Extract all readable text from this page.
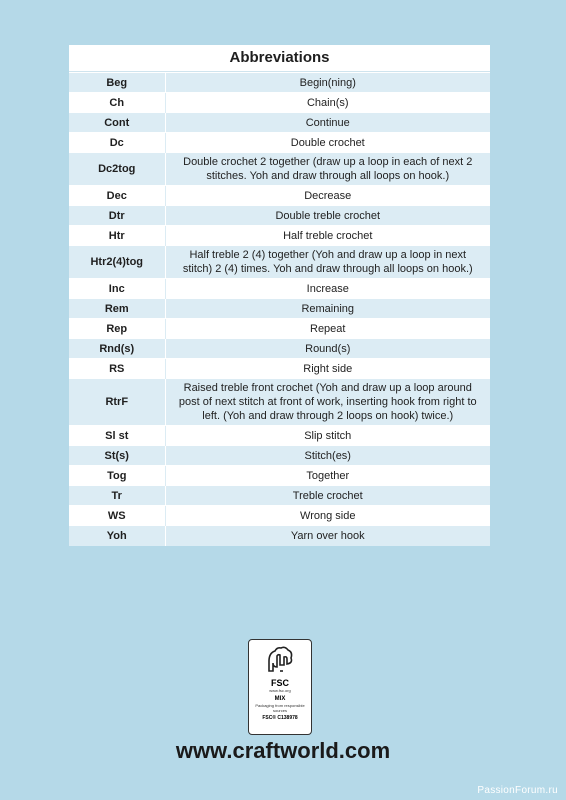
Abbreviations
Beg	Begin(ning)
Ch	Chain(s)
Cont	Continue
Dc	Double crochet
Dc2tog	Double crochet 2 together (draw up a loop in each of next 2 stitches. Yoh and draw through all loops on hook.)
Dec	Decrease
Dtr	Double treble crochet
Htr	Half treble crochet
Htr2(4)tog	Half treble 2 (4) together (Yoh and draw up a loop in next stitch) 2 (4) times. Yoh and draw through all loops on hook.)
Inc	Increase
Rem	Remaining
Rep	Repeat
Rnd(s)	Round(s)
RS	Right side
RtrF	Raised treble front crochet (Yoh and draw up a loop around post of next stitch at front of work, inserting hook from right to left. (Yoh and draw through 2 loops on hook) twice.)
Sl st	Slip stitch
St(s)	Stitch(es)
Tog	Together
Tr	Treble crochet
WS	Wrong side
Yoh	Yarn over hook
FSC
www.fsc.org
MIX
Packaging from responsible sources
FSC® C138978
www.craftworld.com
PassionForum.ru
